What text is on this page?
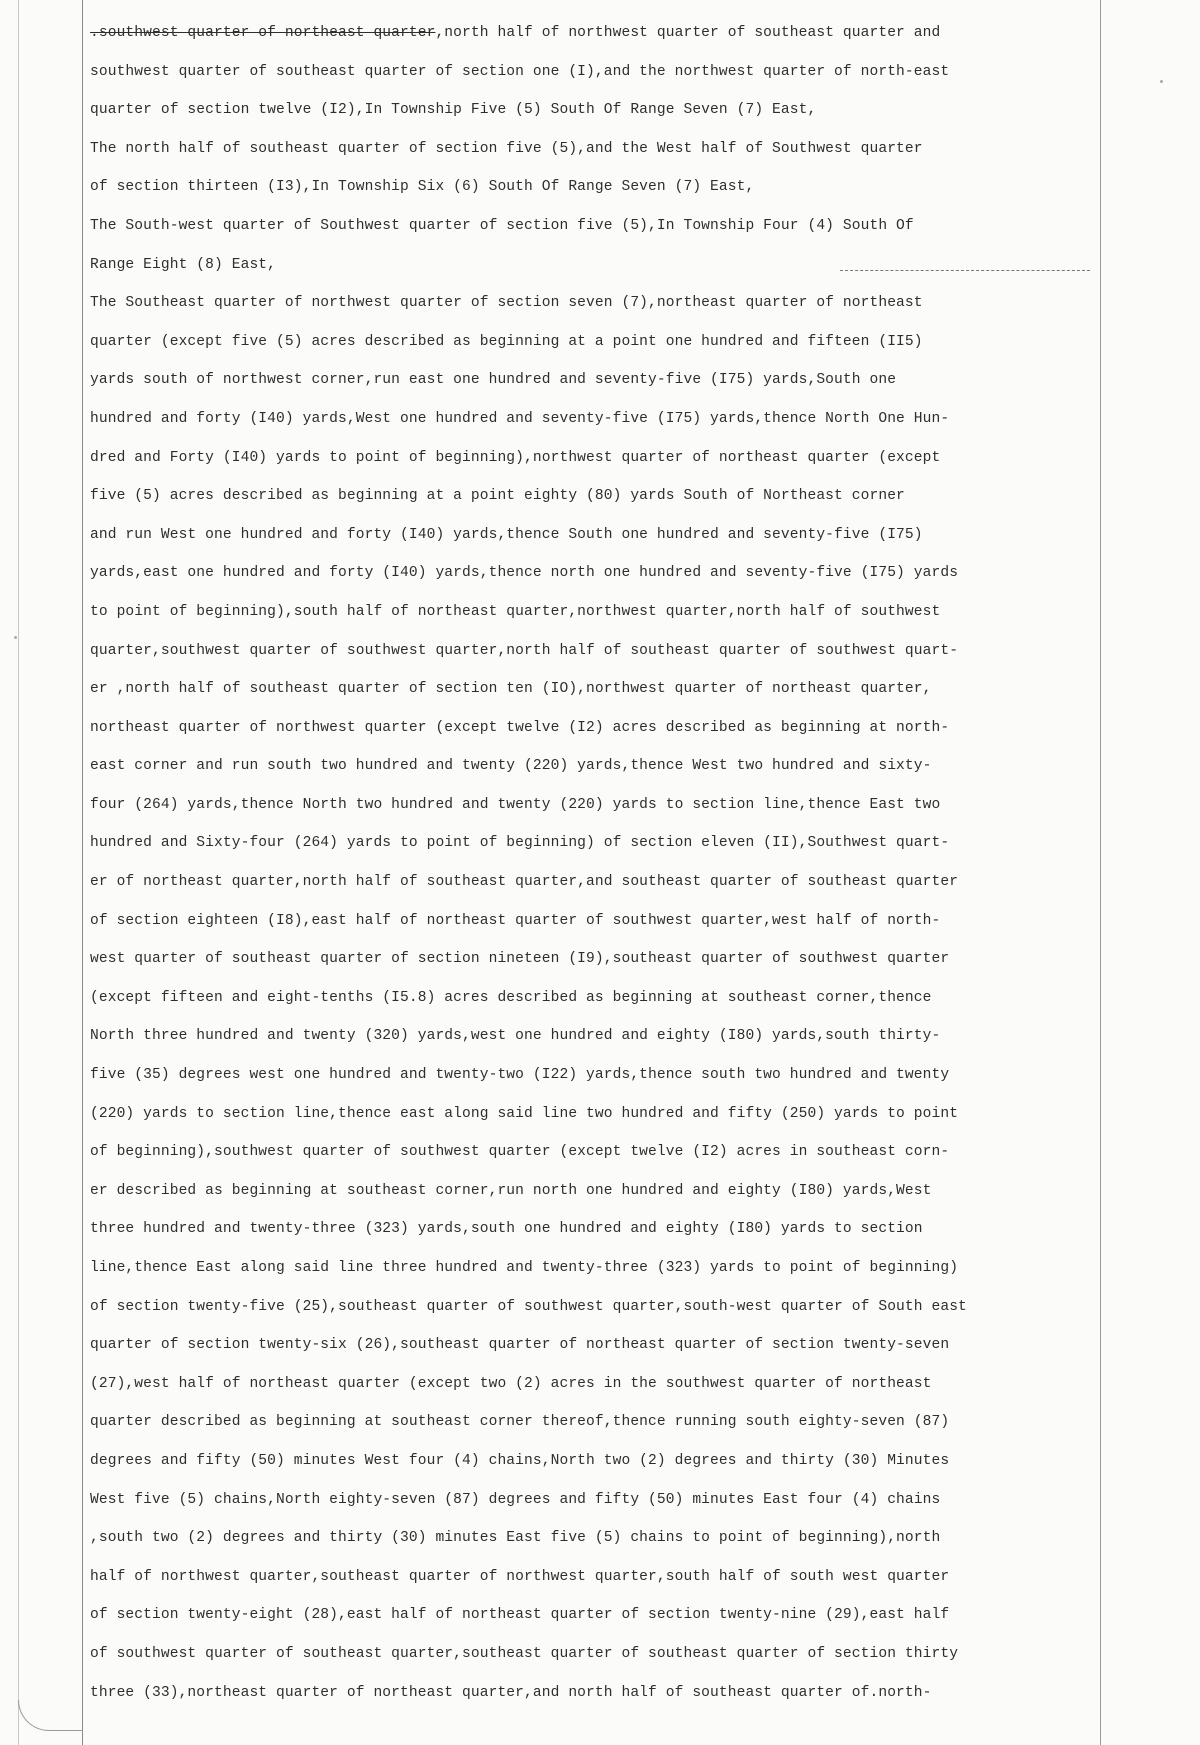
.southwest quarter of northeast quarter,north half of northwest quarter of southeast quarter and
southwest quarter of southeast quarter of section one (I),and the northwest quarter of north-east
quarter of section twelve (I2),In Township Five (5) South Of Range Seven (7) East,
The north half of southeast quarter of section five (5),and the West half of Southwest quarter
of section thirteen (I3),In Township Six (6) South Of Range Seven (7) East,
The South-west quarter of Southwest quarter of section five (5),In Township Four (4) South Of
Range Eight (8) East,
The Southeast quarter of northwest quarter of section seven (7),northeast quarter of northeast
quarter (except five (5) acres described as beginning at a point one hundred and fifteen (II5)
yards south of northwest corner,run east one hundred and seventy-five (I75) yards,South one
hundred and forty (I40) yards,West one hundred and seventy-five (I75) yards,thence North One Hun-
dred and Forty (I40) yards to point of beginning),northwest quarter of northeast quarter (except
five (5) acres described as beginning at a point eighty (80) yards South of Northeast corner
and run West one hundred and forty (I40) yards,thence South one hundred and seventy-five (I75)
yards,east one hundred and forty (I40) yards,thence north one hundred and seventy-five (I75) yards
to point of beginning),south half of northeast quarter,northwest quarter,north half of southwest
quarter,southwest quarter of southwest quarter,north half of southeast quarter of southwest quart-
er ,north half of southeast quarter of section ten (IO),northwest quarter of northeast quarter,
northeast quarter of northwest quarter (except twelve (I2) acres described as beginning at north-
east corner and run south two hundred and twenty (220) yards,thence West two hundred and sixty-
four (264) yards,thence North two hundred and twenty (220) yards to section line,thence East two
hundred and Sixty-four (264) yards to point of beginning) of section eleven (II),Southwest quart-
er of northeast quarter,north half of southeast quarter,and southeast quarter of southeast quarter
of section eighteen (I8),east half of northeast quarter of southwest quarter,west half of north-
west quarter of southeast quarter of section nineteen (I9),southeast quarter of southwest quarter
(except fifteen and eight-tenths (I5.8) acres described as beginning at southeast corner,thence
North three hundred and twenty (320) yards,west one hundred and eighty (I80) yards,south thirty-
five (35) degrees west one hundred and twenty-two (I22) yards,thence south two hundred and twenty
(220) yards to section line,thence east along said line two hundred and fifty (250) yards to point
of beginning),southwest quarter of southwest quarter (except twelve (I2) acres in southeast corn-
er described as beginning at southeast corner,run north one hundred and eighty (I80) yards,West
three hundred and twenty-three (323) yards,south one hundred and eighty (I80) yards to section
line,thence East along said line three hundred and twenty-three (323) yards to point of beginning)
of section twenty-five (25),southeast quarter of southwest quarter,south-west quarter of South east
quarter of section twenty-six (26),southeast quarter of northeast quarter of section twenty-seven
(27),west half of northeast quarter (except two (2) acres in the southwest quarter of northeast
quarter described as beginning at southeast corner thereof,thence running south eighty-seven (87)
degrees and fifty (50) minutes West four (4) chains,North two (2) degrees and thirty (30) Minutes
West five (5) chains,North eighty-seven (87) degrees and fifty (50) minutes East four (4) chains
,south two (2) degrees and thirty (30) minutes East five (5) chains to point of beginning),north
half of northwest quarter,southeast quarter of northwest quarter,south half of south west quarter
of section twenty-eight (28),east half of northeast quarter of section twenty-nine (29),east half
of southwest quarter of southeast quarter,southeast quarter of southeast quarter of section thirty
three (33),northeast quarter of northeast quarter,and north half of southeast quarter of.north-
